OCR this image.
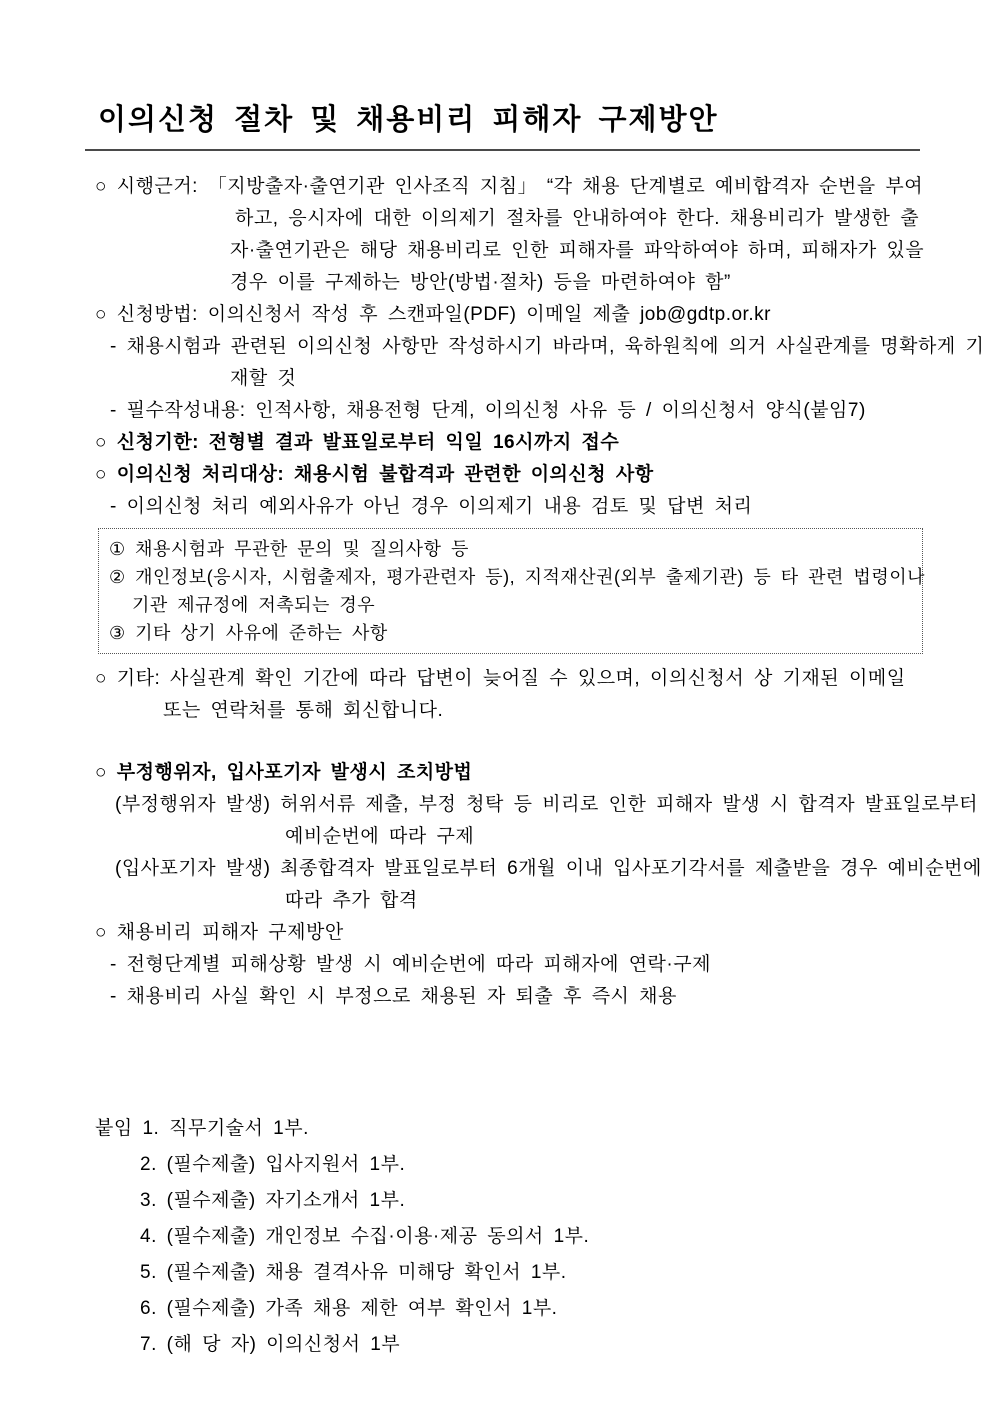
이의신청 절차 및 채용비리 피해자 구제방안
○ 시행근거: 「지방출자·출연기관 인사조직 지침」 “각 채용 단계별로 예비합격자 순번을 부여
하고, 응시자에 대한 이의제기 절차를 안내하여야 한다. 채용비리가 발생한 출
자·출연기관은 해당 채용비리로 인한 피해자를 파악하여야 하며, 피해자가 있을
경우 이를 구제하는 방안(방법·절차) 등을 마련하여야 함”
○ 신청방법: 이의신청서 작성 후 스캔파일(PDF) 이메일 제출 job@gdtp.or.kr
- 채용시험과 관련된 이의신청 사항만 작성하시기 바라며, 육하원칙에 의거 사실관계를 명확하게 기
재할 것
- 필수작성내용: 인적사항, 채용전형 단계, 이의신청 사유 등 / 이의신청서 양식(붙임7)
○ 신청기한: 전형별 결과 발표일로부터 익일 16시까지 접수
○ 이의신청 처리대상: 채용시험 불합격과 관련한 이의신청 사항
- 이의신청 처리 예외사유가 아닌 경우 이의제기 내용 검토 및 답변 처리
① 채용시험과 무관한 문의 및 질의사항 등
② 개인정보(응시자, 시험출제자, 평가관련자 등), 지적재산권(외부 출제기관) 등 타 관련 법령이나
기관 제규정에 저촉되는 경우
③ 기타 상기 사유에 준하는 사항
○ 기타: 사실관계 확인 기간에 따라 답변이 늦어질 수 있으며, 이의신청서 상 기재된 이메일
또는 연락처를 통해 회신합니다.
○ 부정행위자, 입사포기자 발생시 조치방법
(부정행위자 발생) 허위서류 제출, 부정 청탁 등 비리로 인한 피해자 발생 시 합격자 발표일로부터
예비순번에 따라 구제
(입사포기자 발생) 최종합격자 발표일로부터 6개월 이내 입사포기각서를 제출받을 경우 예비순번에
따라 추가 합격
○ 채용비리 피해자 구제방안
- 전형단계별 피해상황 발생 시 예비순번에 따라 피해자에 연락·구제
- 채용비리 사실 확인 시 부정으로 채용된 자 퇴출 후 즉시 채용
붙임 1. 직무기술서 1부.
2. (필수제출) 입사지원서 1부.
3. (필수제출) 자기소개서 1부.
4. (필수제출) 개인정보 수집·이용·제공 동의서 1부.
5. (필수제출) 채용 결격사유 미해당 확인서 1부.
6. (필수제출) 가족 채용 제한 여부 확인서 1부.
7. (해 당 자) 이의신청서 1부
